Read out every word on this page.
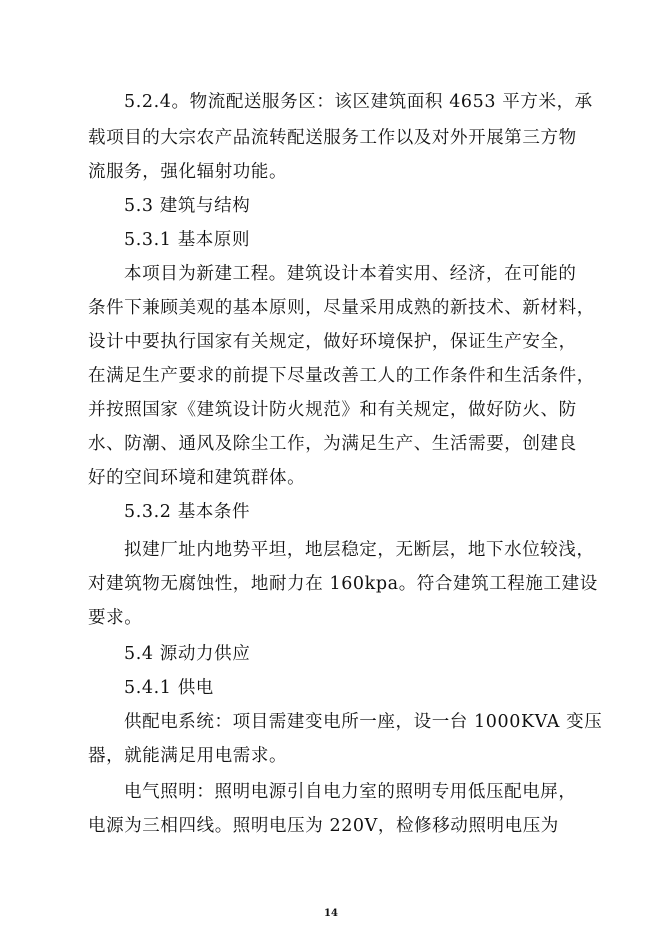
5.2.4。物流配送服务区：该区建筑面积 4653 平方米，承
载项目的大宗农产品流转配送服务工作以及对外开展第三方物
流服务，强化辐射功能。
5.3 建筑与结构
5.3.1 基本原则
本项目为新建工程。建筑设计本着实用、经济，在可能的
条件下兼顾美观的基本原则，尽量采用成熟的新技术、新材料，
设计中要执行国家有关规定，做好环境保护，保证生产安全，
在满足生产要求的前提下尽量改善工人的工作条件和生活条件，
并按照国家《建筑设计防火规范》和有关规定，做好防火、防
水、防潮、通风及除尘工作，为满足生产、生活需要，创建良
好的空间环境和建筑群体。
5.3.2 基本条件
拟建厂址内地势平坦，地层稳定，无断层，地下水位较浅，
对建筑物无腐蚀性，地耐力在 160kpa。符合建筑工程施工建设
要求。
5.4 源动力供应
5.4.1 供电
供配电系统：项目需建变电所一座，设一台 1000KVA 变压
器，就能满足用电需求。
电气照明：照明电源引自电力室的照明专用低压配电屏，
电源为三相四线。照明电压为 220V，检修移动照明电压为
14
